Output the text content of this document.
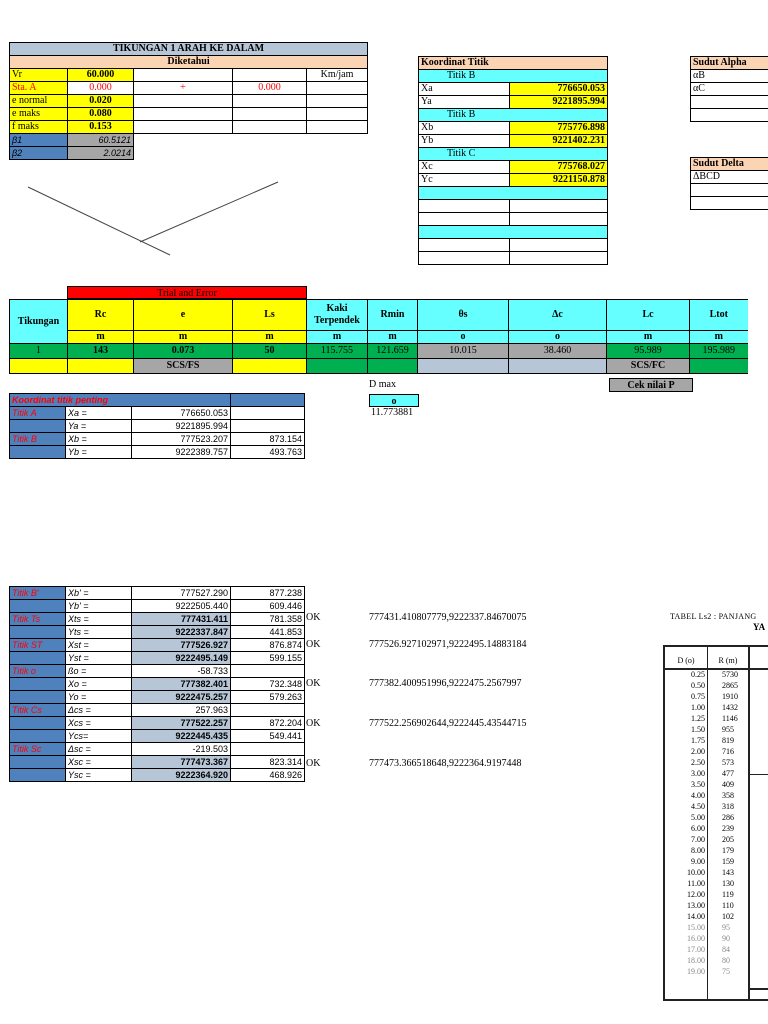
TIKUNGAN 1 ARAH KE DALAM				
Diketahui				
Vr	60.000			Km/jam
Sta. A	0.000	+	0.000	
e normal	0.020			
e maks	0.080			
f maks	0.153			
β1	60.5121			
β2	2.0214			
Koordinat Titik	
Titik B	
Xa	776650.053
Ya	9221895.994
Titik B	
Xb	775776.898
Yb	9221402.231
Titik C	
Xc	775768.027
Yc	9221150.878

Sudut Alpha
αB
αC

Sudut Delta
ΔBCD

Trial and Error
Tikungan	Rc	e	Ls	Kaki Terpendek	Rmin	θs	Δc	Lc	Ltot
	m	m	m	m	m	o	o	m	m
1	143	0.073	50	115.755	121.659	10.015	38.460	95.989	195.989
		SCS/FS						SCS/FC	
Cek nilai P
D max
o
11.773881
Koordinat titik penting			
Titik A	Xa =	776650.053	
	Ya =	9221895.994	
Titik B	Xb =	777523.207	873.154
	Yb =	9222389.757	493.763
Titik B'	Xb' =	777527.290	877.238
	Yb' =	9222505.440	609.446
Titik Ts	Xts =	777431.411	781.358
	Yts =	9222337.847	441.853
Titik ST	Xst =	777526.927	876.874
	Yst =	9222495.149	599.155
Titik o	ßo =	-58.733	
	Xo =	777382.401	732.348
	Yo =	9222475.257	579.263
Titik Cs	Δcs =	257.963	
	Xcs =	777522.257	872.204
	Ycs=	9222445.435	549.441
Titik Sc	Δsc =	-219.503	
	Xsc =	777473.367	823.314
	Ysc =	9222364.920	468.926
OK	777431.410807779,9222337.84670075
OK	777526.927102971,9222495.14883184
OK	777382.400951996,9222475.2567997
OK	777522.256902644,9222445.43544715
OK	777473.366518648,9222364.9197448
TABEL Ls2 : PANJANG
YA
D (o)	R (m)
0.25 5730
0.50 2865
0.75 1910
1.00 1432
1.25 1146
1.50 955
1.75 819
2.00 716
2.50 573
3.00 477
3.50 409
4.00 358
4.50 318
5.00 286
6.00 239
7.00 205
8.00 179
9.00 159
10.00 143
11.00 130
12.00 119
13.00 110
14.00 102
15.00 95
16.00 90
17.00 84
18.00 80
19.00 75
